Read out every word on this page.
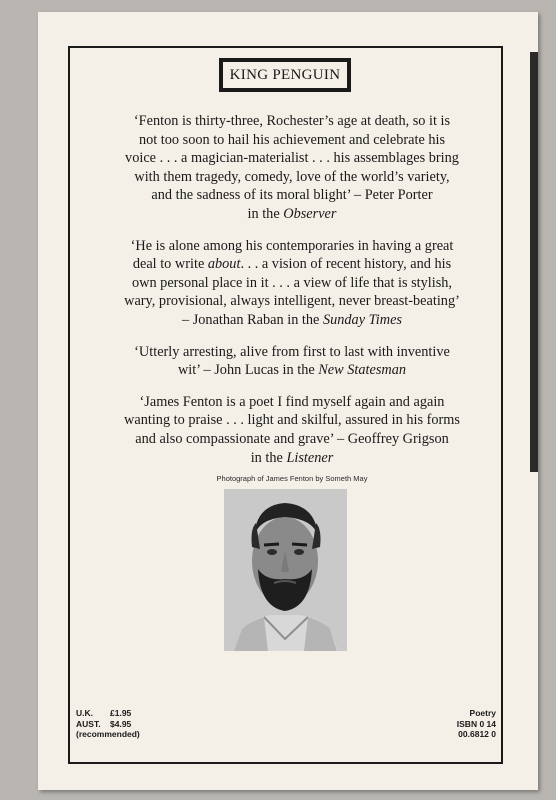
KING PENGUIN

‘Fenton is thirty-three, Rochester’s age at death, so it is
not too soon to hail his achievement and celebrate his
voice . . . a magician-materialist . . . his assemblages bring
with them tragedy, comedy, love of the world’s variety,
and the sadness of its moral blight’ – Peter Porter
in the Observer

‘He is alone among his contemporaries in having a great
deal to write about. . . a vision of recent history, and his
own personal place in it . . . a view of life that is stylish,
wary, provisional, always intelligent, never breast-beating’
– Jonathan Raban in the Sunday Times

‘Utterly arresting, alive from first to last with inventive
wit’ – John Lucas in the New Statesman

‘James Fenton is a poet I find myself again and again
wanting to praise . . . light and skilful, assured in his forms
and also compassionate and grave’ – Geoffrey Grigson
in the Listener

Photograph of James Fenton by Someth May
U.K.	£1.95
AUST.	$4.95
(recommended)
Poetry
ISBN 0 14
00.6812 0
